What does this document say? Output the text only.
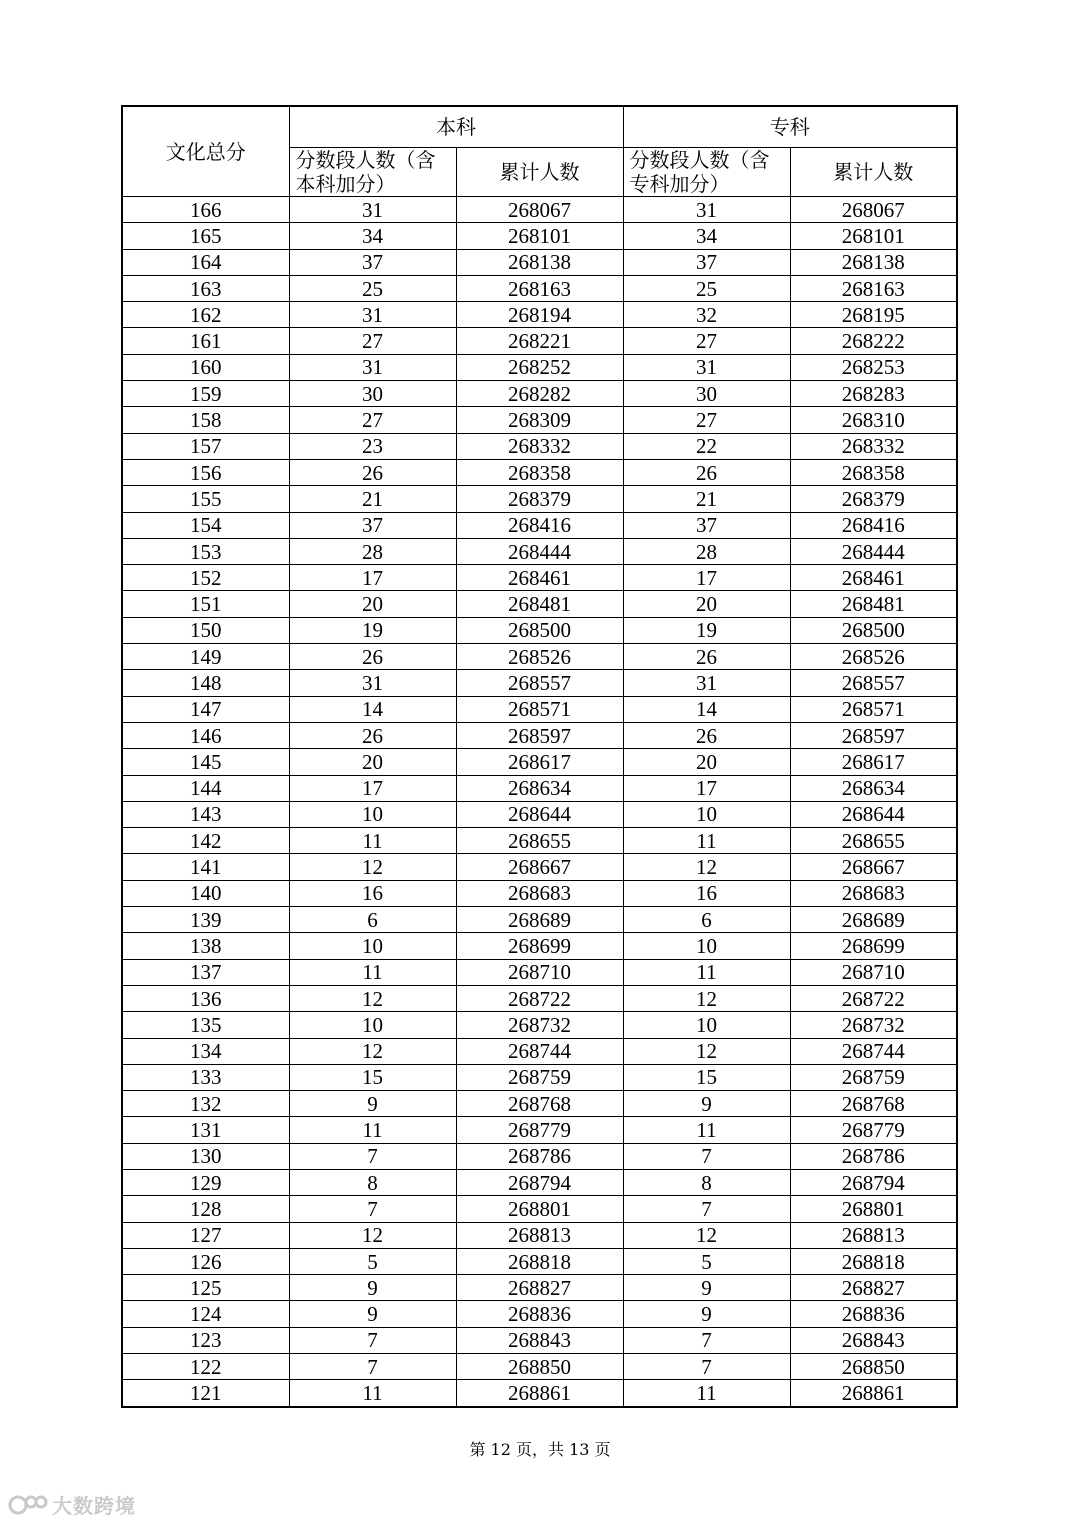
文化总分	本科		专科	
	分数段人数（含本科加分）	累计人数	分数段人数（含专科加分）	累计人数
166	31	268067	31	268067
165	34	268101	34	268101
164	37	268138	37	268138
163	25	268163	25	268163
162	31	268194	32	268195
161	27	268221	27	268222
160	31	268252	31	268253
159	30	268282	30	268283
158	27	268309	27	268310
157	23	268332	22	268332
156	26	268358	26	268358
155	21	268379	21	268379
154	37	268416	37	268416
153	28	268444	28	268444
152	17	268461	17	268461
151	20	268481	20	268481
150	19	268500	19	268500
149	26	268526	26	268526
148	31	268557	31	268557
147	14	268571	14	268571
146	26	268597	26	268597
145	20	268617	20	268617
144	17	268634	17	268634
143	10	268644	10	268644
142	11	268655	11	268655
141	12	268667	12	268667
140	16	268683	16	268683
139	6	268689	6	268689
138	10	268699	10	268699
137	11	268710	11	268710
136	12	268722	12	268722
135	10	268732	10	268732
134	12	268744	12	268744
133	15	268759	15	268759
132	9	268768	9	268768
131	11	268779	11	268779
130	7	268786	7	268786
129	8	268794	8	268794
128	7	268801	7	268801
127	12	268813	12	268813
126	5	268818	5	268818
125	9	268827	9	268827
124	9	268836	9	268836
123	7	268843	7	268843
122	7	268850	7	268850
121	11	268861	11	268861
第 12 页，共 13 页
大数跨境
